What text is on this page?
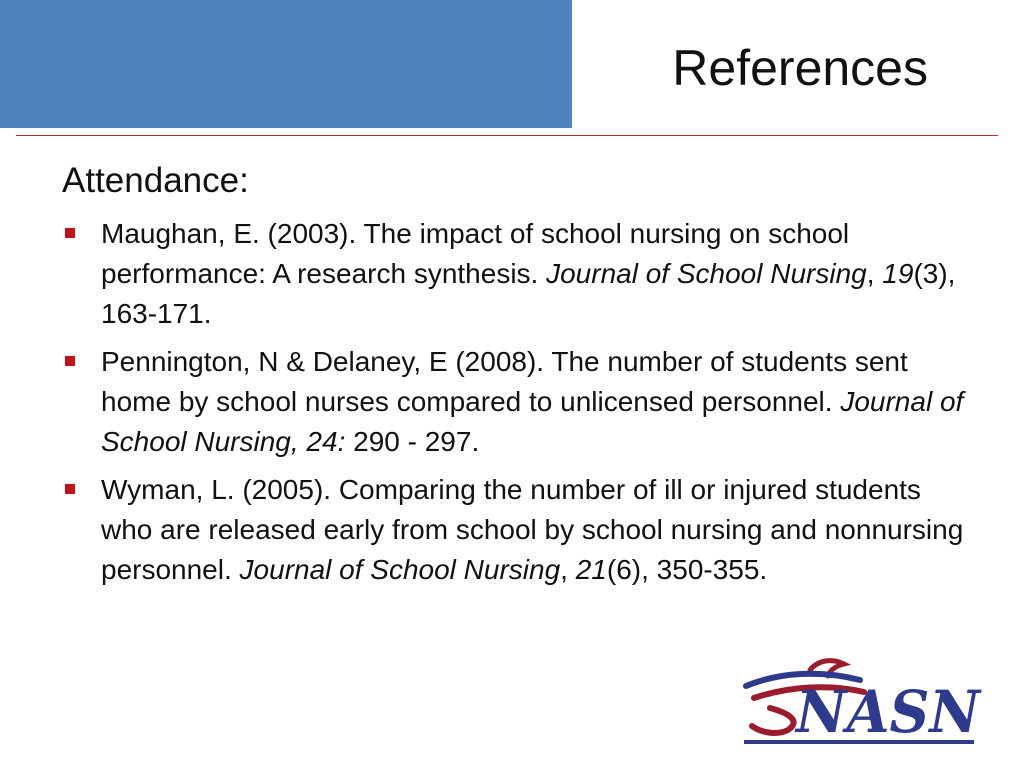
References
Attendance:
Maughan, E. (2003). The impact of school nursing on school performance: A research synthesis. Journal of School Nursing, 19(3), 163-171.
Pennington, N & Delaney, E (2008). The number of students sent home by school nurses compared to unlicensed personnel. Journal of School Nursing, 24: 290 - 297.
Wyman, L. (2005). Comparing the number of ill or injured students who are released early from school by school nursing and nonnursing personnel. Journal of School Nursing, 21(6), 350-355.
NASN
